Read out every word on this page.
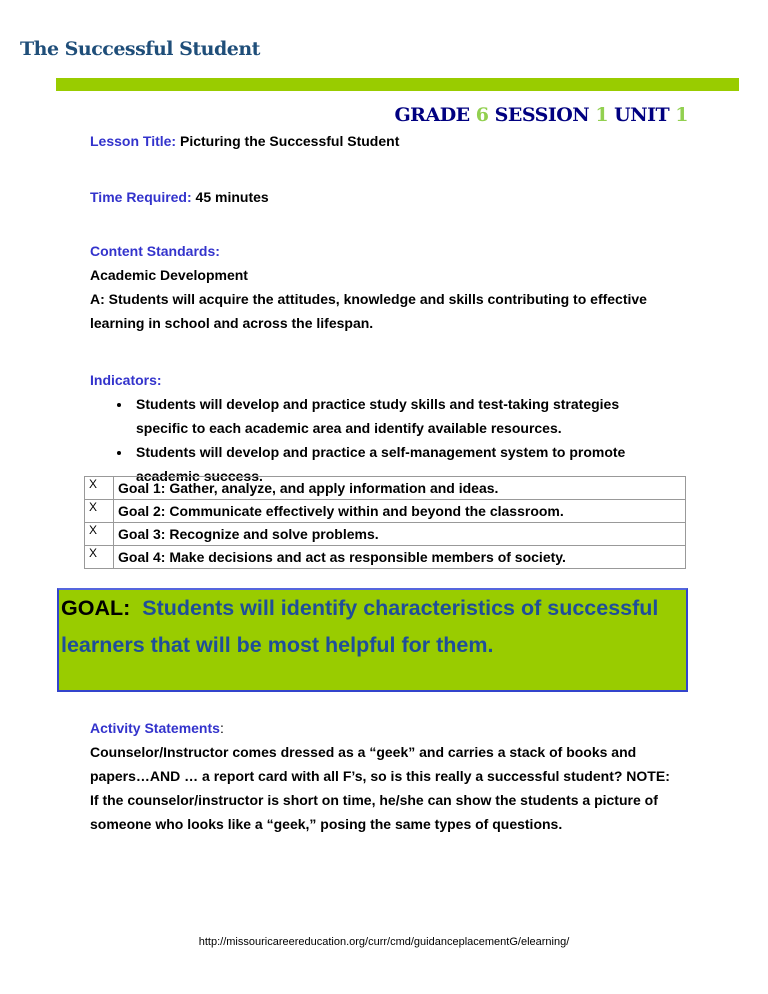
The Successful Student
GRADE 6 SESSION 1 UNIT 1
Lesson Title: Picturing the Successful Student
Time Required: 45 minutes
Content Standards:
Academic Development
A: Students will acquire the attitudes, knowledge and skills contributing to effective learning in school and across the lifespan.
Indicators:
• Students will develop and practice study skills and test-taking strategies specific to each academic area and identify available resources.
• Students will develop and practice a self-management system to promote academic success.
X	Goal 1: Gather, analyze, and apply information and ideas.
X	Goal 2: Communicate effectively within and beyond the classroom.
X	Goal 3: Recognize and solve problems.
X	Goal 4: Make decisions and act as responsible members of society.
GOAL: Students will identify characteristics of successful learners that will be most helpful for them.
Activity Statements:
Counselor/Instructor comes dressed as a “geek” and carries a stack of books and papers…AND … a report card with all F’s, so is this really a successful student? NOTE: If the counselor/instructor is short on time, he/she can show the students a picture of someone who looks like a “geek,” posing the same types of questions.
http://missouricareereducation.org/curr/cmd/guidanceplacementG/elearning/
